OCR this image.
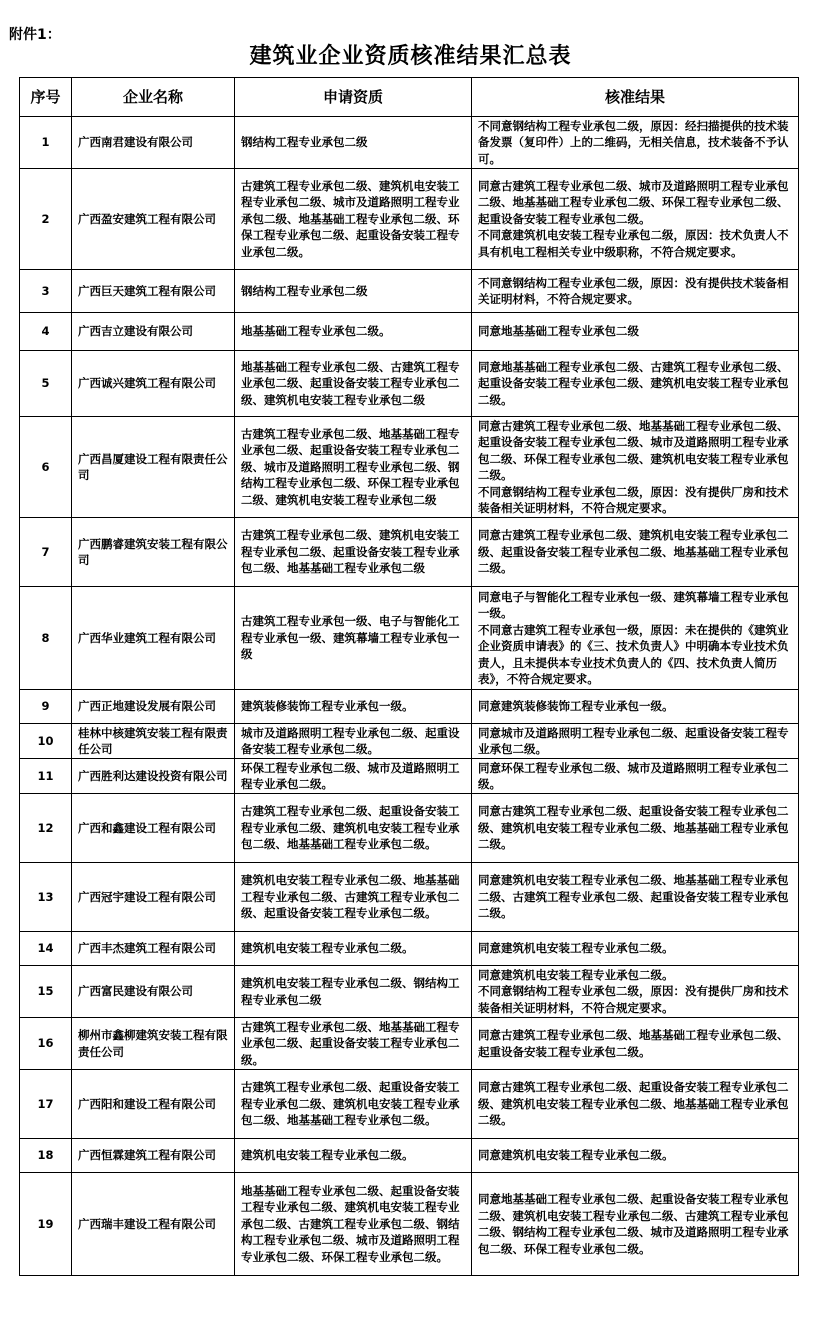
附件1：
建筑业企业资质核准结果汇总表
序号	企业名称	申请资质	核准结果
1	广西南君建设有限公司	钢结构工程专业承包二级	不同意钢结构工程专业承包二级，原因：经扫描提供的技术装备发票（复印件）上的二维码，无相关信息，技术装备不予认可。
2	广西盈安建筑工程有限公司	古建筑工程专业承包二级、建筑机电安装工程专业承包二级、城市及道路照明工程专业承包二级、地基基础工程专业承包二级、环保工程专业承包二级、起重设备安装工程专业承包二级。	同意古建筑工程专业承包二级、城市及道路照明工程专业承包二级、地基基础工程专业承包二级、环保工程专业承包二级、起重设备安装工程专业承包二级。
不同意建筑机电安装工程专业承包二级，原因：技术负责人不具有机电工程相关专业中级职称，不符合规定要求。
3	广西巨天建筑工程有限公司	钢结构工程专业承包二级	不同意钢结构工程专业承包二级，原因：没有提供技术装备相关证明材料，不符合规定要求。
4	广西吉立建设有限公司	地基基础工程专业承包二级。	同意地基基础工程专业承包二级
5	广西诚兴建筑工程有限公司	地基基础工程专业承包二级、古建筑工程专业承包二级、起重设备安装工程专业承包二级、建筑机电安装工程专业承包二级	同意地基基础工程专业承包二级、古建筑工程专业承包二级、起重设备安装工程专业承包二级、建筑机电安装工程专业承包二级。
6	广西昌厦建设工程有限责任公司	古建筑工程专业承包二级、地基基础工程专业承包二级、起重设备安装工程专业承包二级、城市及道路照明工程专业承包二级、钢结构工程专业承包二级、环保工程专业承包二级、建筑机电安装工程专业承包二级	同意古建筑工程专业承包二级、地基基础工程专业承包二级、起重设备安装工程专业承包二级、城市及道路照明工程专业承包二级、环保工程专业承包二级、建筑机电安装工程专业承包二级。
不同意钢结构工程专业承包二级，原因：没有提供厂房和技术装备相关证明材料，不符合规定要求。
7	广西鹏睿建筑安装工程有限公司	古建筑工程专业承包二级、建筑机电安装工程专业承包二级、起重设备安装工程专业承包二级、地基基础工程专业承包二级	同意古建筑工程专业承包二级、建筑机电安装工程专业承包二级、起重设备安装工程专业承包二级、地基基础工程专业承包二级。
8	广西华业建筑工程有限公司	古建筑工程专业承包一级、电子与智能化工程专业承包一级、建筑幕墙工程专业承包一级	同意电子与智能化工程专业承包一级、建筑幕墙工程专业承包一级。
不同意古建筑工程专业承包一级，原因：未在提供的《建筑业企业资质申请表》的《三、技术负责人》中明确本专业技术负责人，且未提供本专业技术负责人的《四、技术负责人简历表》，不符合规定要求。
9	广西正地建设发展有限公司	建筑装修装饰工程专业承包一级。	同意建筑装修装饰工程专业承包一级。
10	桂林中核建筑安装工程有限责任公司	城市及道路照明工程专业承包二级、起重设备安装工程专业承包二级。	同意城市及道路照明工程专业承包二级、起重设备安装工程专业承包二级。
11	广西胜利达建设投资有限公司	环保工程专业承包二级、城市及道路照明工程专业承包二级。	同意环保工程专业承包二级、城市及道路照明工程专业承包二级。
12	广西和鑫建设工程有限公司	古建筑工程专业承包二级、起重设备安装工程专业承包二级、建筑机电安装工程专业承包二级、地基基础工程专业承包二级。	同意古建筑工程专业承包二级、起重设备安装工程专业承包二级、建筑机电安装工程专业承包二级、地基基础工程专业承包二级。
13	广西冠宇建设工程有限公司	建筑机电安装工程专业承包二级、地基基础工程专业承包二级、古建筑工程专业承包二级、起重设备安装工程专业承包二级。	同意建筑机电安装工程专业承包二级、地基基础工程专业承包二级、古建筑工程专业承包二级、起重设备安装工程专业承包二级。
14	广西丰杰建筑工程有限公司	建筑机电安装工程专业承包二级。	同意建筑机电安装工程专业承包二级。
15	广西富民建设有限公司	建筑机电安装工程专业承包二级、钢结构工程专业承包二级	同意建筑机电安装工程专业承包二级。
不同意钢结构工程专业承包二级，原因：没有提供厂房和技术装备相关证明材料，不符合规定要求。
16	柳州市鑫柳建筑安装工程有限责任公司	古建筑工程专业承包二级、地基基础工程专业承包二级、起重设备安装工程专业承包二级。	同意古建筑工程专业承包二级、地基基础工程专业承包二级、起重设备安装工程专业承包二级。
17	广西阳和建设工程有限公司	古建筑工程专业承包二级、起重设备安装工程专业承包二级、建筑机电安装工程专业承包二级、地基基础工程专业承包二级。	同意古建筑工程专业承包二级、起重设备安装工程专业承包二级、建筑机电安装工程专业承包二级、地基基础工程专业承包二级。
18	广西恒霖建筑工程有限公司	建筑机电安装工程专业承包二级。	同意建筑机电安装工程专业承包二级。
19	广西瑞丰建设工程有限公司	地基基础工程专业承包二级、起重设备安装工程专业承包二级、建筑机电安装工程专业承包二级、古建筑工程专业承包二级、钢结构工程专业承包二级、城市及道路照明工程专业承包二级、环保工程专业承包二级。	同意地基基础工程专业承包二级、起重设备安装工程专业承包二级、建筑机电安装工程专业承包二级、古建筑工程专业承包二级、钢结构工程专业承包二级、城市及道路照明工程专业承包二级、环保工程专业承包二级。
